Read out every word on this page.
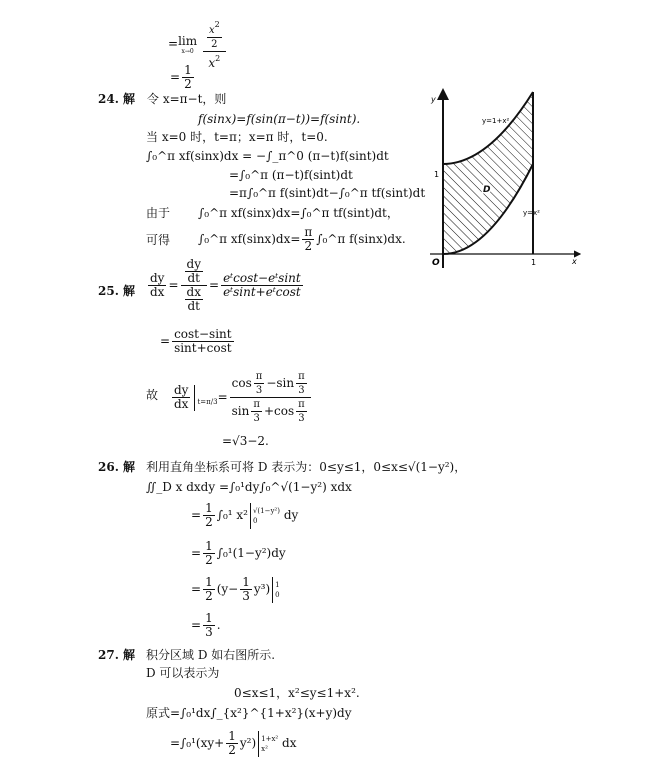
= lim
x→0
$\frac{\frac{x^2}{2}}{x^2}$
= $\frac{1}{2}$
24. 解 令 x=π−t，则
f(sinx)=f(sin(π−t))=f(sint).
当 x=0 时，t=π；x=π 时，t=0.
∫₀^π xf(sinx)dx = −∫_π^0 (π−t)f(sint)dt
=∫₀^π (π−t)f(sint)dt
=π∫₀^π f(sint)dt−∫₀^π tf(sint)dt
由于 ∫₀^π xf(sinx)dx=∫₀^π tf(sint)dt，
可得 ∫₀^π $xf(\sin x)dx= \frac{\pi}{2}$ ∫₀^π f(sinx)dx.
25. 解 $\frac{dy}{dx} = \frac{\frac{dy}{dt}}{\frac{dx}{dt}} = \frac{\text{eᵗcost−eᵗsint}}{\text{eᵗsint+eᵗcost}}$
= $\frac{\cos t-\sin t}{\sin t+\cos t}$
故 $\frac{dy}{dx} _{t=\pi/3}= \frac{\cos \frac{\pi}{3} -\sin \frac{\pi}{3}}{\sin \frac{\pi}{3} +\cos \frac{\pi}{3}}$
=√3−2.
26. 解 利用直角坐标系可将 D 表示为：0≤y≤1，0≤x≤√(1−y²)，
∬_D x dxdy =∫₀¹dy∫₀^√(1−y²) xdx
= $\frac{1}{2} \int_0^1$ x² √(1−y²)
0	dy
= $\frac{1}{2} \int_0^1(1-y^2)dy$
= $\frac{1}{2} (y- \frac{1}{3} y^3)$ 1
0
= $\frac{1}{3}$ .
27. 解 积分区域 D 如右图所示.
D 可以表示为
0≤x≤1，x²≤y≤1+x².
原式=∫₀¹dx∫_{x²}^{1+x²}(x+y)dy
$=\int_0^1(xy+ \frac{1}{2} y^2)$ 1+x²
x²	dx
y
x
O
1
1
D
y=1+x²
y=x²
